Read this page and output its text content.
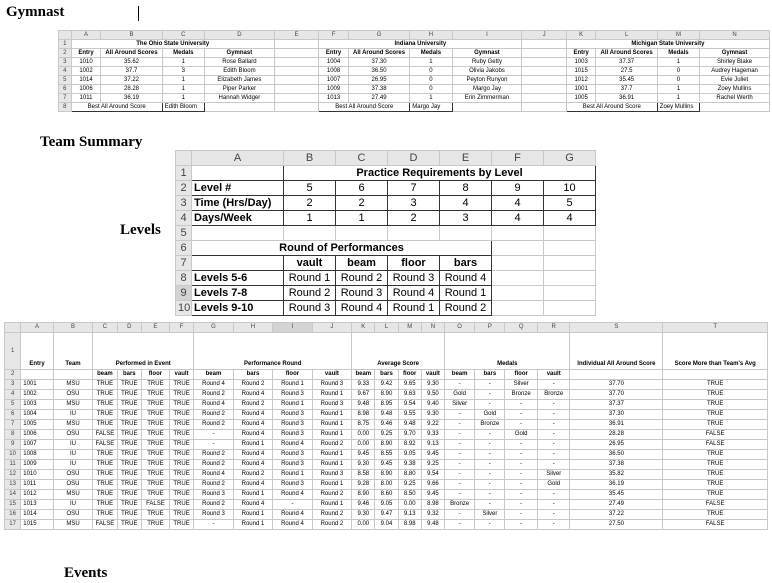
Gymnast
Team Summary
Levels
Events
	A	B	C	D	E	F	G	H	I	J	K	L	M	N
1	The Ohio State University					Indiana University					Michigan State University			
2	Entry	All Around Scores	Medals	Gymnast		Entry	All Around Scores	Medals	Gymnast		Entry	All Around Scores	Medals	Gymnast
3	1010	35.62	1	Rose Ballard		1004	37.30	1	Ruby Getty		1003	37.37	1	Shirley Blake
4	1002	37.7	3	Edith Bloom		1008	36.50	0	Olivia Jakobs		1015	27.5	0	Audrey Hageman
5	1014	37.22	1	Elizabeth James		1007	26.95	0	Peyton Runyon		1012	35.45	0	Evie Juliet
6	1006	28.28	1	Piper Parker		1009	37.38	0	Margo Jay		1001	37.7	1	Zoey Mullins
7	1011	36.19	1	Hannah Widger		1013	27.49	1	Erin Zimmerman		1005	36.91	1	Rachel Werth
8	Best All Around Score		Edith Bloom			Best All Around Score		Margo Jay			Best All Around Score		Zoey Mullins	
	A	B	C	D	E	F	G
1		Practice Requirements by Level					
2	Level #	5	6	7	8	9	10
3	Time (Hrs/Day)	2	2	3	4	4	5
4	Days/Week	1	1	2	3	4	4
5							
6	Round of Performances						
7		vault	beam	floor	bars		
8	Levels 5-6	Round 1	Round 2	Round 3	Round 4		
9	Levels 7-8	Round 2	Round 3	Round 4	Round 1		
10	Levels 9-10	Round 3	Round 4	Round 1	Round 2		
	A	B	C	D	E	F	G	H	I	J	K	L	M	N	O	P	Q	R	S	T
1	Entry	Team	Performed in Event				Performance Round				Average Score				Medals				Individual All Around Score	Score More than Team's Avg
2			beam	bars	floor	vault	beam	bars	floor	vault	beam	bars	floor	vault	beam	bars	floor	vault		
3	1001	MSU	TRUE	TRUE	TRUE	TRUE	Round 4	Round 2	Round 1	Round 3	9.33	9.42	9.65	9.30	-	-	Silver	-	37.70	TRUE
4	1002	OSU	TRUE	TRUE	TRUE	TRUE	Round 2	Round 4	Round 3	Round 1	9.67	8.90	9.63	9.50	Gold	-	Bronze	Bronze	37.70	TRUE
5	1003	MSU	TRUE	TRUE	TRUE	TRUE	Round 4	Round 2	Round 1	Round 3	9.48	8.95	9.54	9.40	Silver	-	-	-	37.37	TRUE
6	1004	IU	TRUE	TRUE	TRUE	TRUE	Round 2	Round 4	Round 3	Round 1	8.98	9.48	9.55	9.30	-	Gold	-	-	37.30	TRUE
7	1005	MSU	TRUE	TRUE	TRUE	TRUE	Round 2	Round 4	Round 3	Round 1	8.75	9.46	9.48	9.22	-	Bronze	-	-	36.91	TRUE
8	1006	OSU	FALSE	TRUE	TRUE	TRUE	-	Round 4	Round 3	Round 1	0.00	9.25	9.70	9.33	-	-	Gold	-	28.28	FALSE
9	1007	IU	FALSE	TRUE	TRUE	TRUE	-	Round 1	Round 4	Round 2	0.00	8.90	8.92	9.13	-	-	-	-	26.95	FALSE
10	1008	IU	TRUE	TRUE	TRUE	TRUE	Round 2	Round 4	Round 3	Round 1	9.45	8.55	9.05	9.45	-	-	-	-	36.50	TRUE
11	1009	IU	TRUE	TRUE	TRUE	TRUE	Round 2	Round 4	Round 3	Round 1	9.30	9.45	9.38	9.25	-	-	-	-	37.38	TRUE
12	1010	OSU	TRUE	TRUE	TRUE	TRUE	Round 4	Round 2	Round 1	Round 3	8.58	8.90	8.80	9.54	-	-	-	Silver	35.82	TRUE
13	1011	OSU	TRUE	TRUE	TRUE	TRUE	Round 2	Round 4	Round 3	Round 1	9.28	8.00	9.25	9.66	-	-	-	Gold	36.19	TRUE
14	1012	MSU	TRUE	TRUE	TRUE	TRUE	Round 3	Round 1	Round 4	Round 2	8.90	8.60	8.50	9.45	-	-	-	-	35.45	TRUE
15	1013	IU	TRUE	TRUE	FALSE	TRUE	Round 2	Round 4	-	Round 1	9.46	9.05	0.00	8.98	Bronze	-	-	-	27.49	FALSE
16	1014	OSU	TRUE	TRUE	TRUE	TRUE	Round 3	Round 1	Round 4	Round 2	9.30	9.47	9.13	9.32	-	Silver	-	-	37.22	TRUE
17	1015	MSU	FALSE	TRUE	TRUE	TRUE	-	Round 1	Round 4	Round 2	0.00	9.04	8.98	9.48	-	-	-	-	27.50	FALSE
